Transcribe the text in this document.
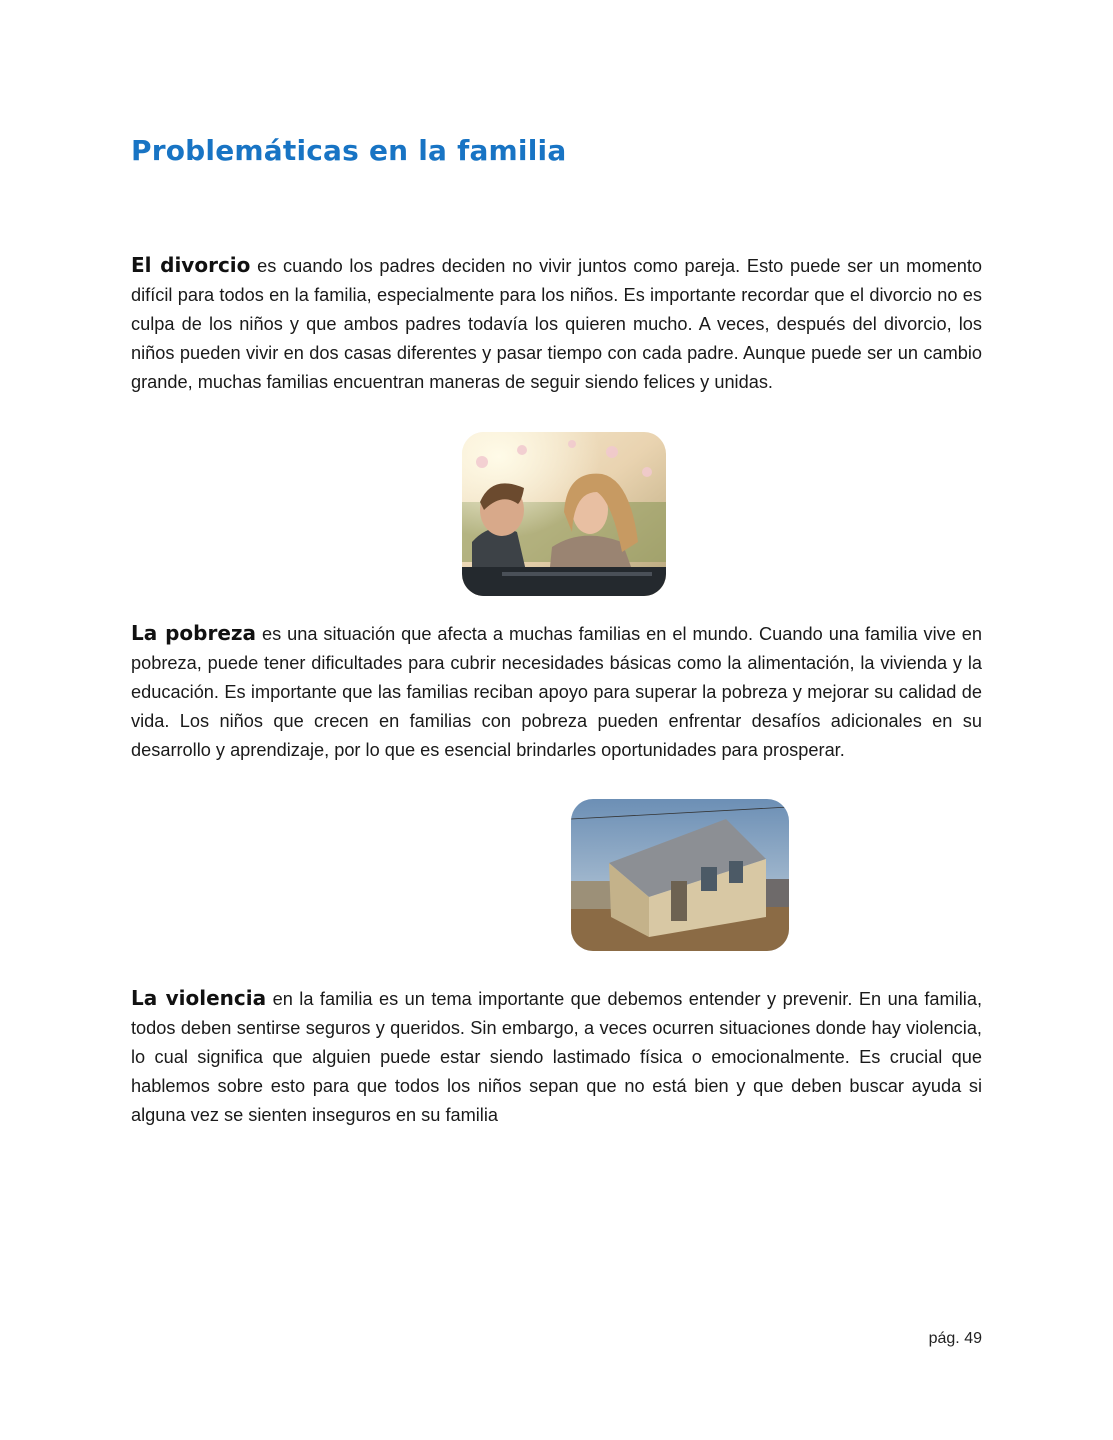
Problemáticas en la familia

El divorcio es cuando los padres deciden no vivir juntos como pareja. Esto puede ser un momento difícil para todos en la familia, especialmente para los niños. Es importante recordar que el divorcio no es culpa de los niños y que ambos padres todavía los quieren mucho. A veces, después del divorcio, los niños pueden vivir en dos casas diferentes y pasar tiempo con cada padre. Aunque puede ser un cambio grande, muchas familias encuentran maneras de seguir siendo felices y unidas.

La pobreza es una situación que afecta a muchas familias en el mundo. Cuando una familia vive en pobreza, puede tener dificultades para cubrir necesidades básicas como la alimentación, la vivienda y la educación. Es importante que las familias reciban apoyo para superar la pobreza y mejorar su calidad de vida. Los niños que crecen en familias con pobreza pueden enfrentar desafíos adicionales en su desarrollo y aprendizaje, por lo que es esencial brindarles oportunidades para prosperar.

La violencia en la familia es un tema importante que debemos entender y prevenir. En una familia, todos deben sentirse seguros y queridos. Sin embargo, a veces ocurren situaciones donde hay violencia, lo cual significa que alguien puede estar siendo lastimado física o emocionalmente. Es crucial que hablemos sobre esto para que todos los niños sepan que no está bien y que deben buscar ayuda si alguna vez se sienten inseguros en su familia

pág. 49
